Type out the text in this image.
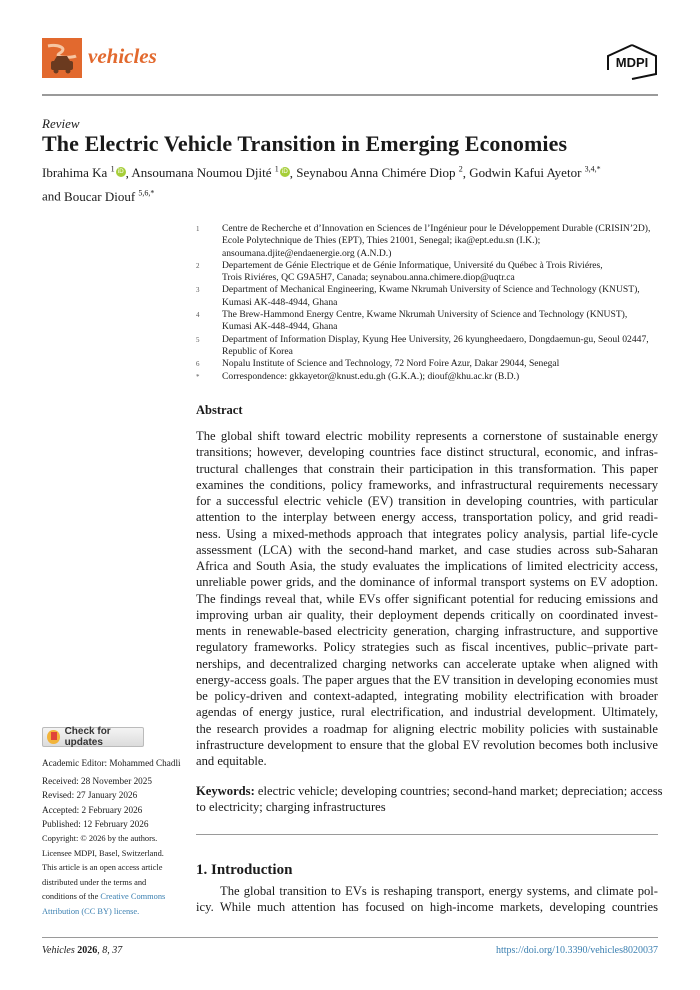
vehicles	MDPI
Review
The Electric Vehicle Transition in Emerging Economies
Ibrahima Ka $^1$ iD , Ansoumana Noumou Djité $^1$ iD , Seynabou Anna Chimére Diop $^2$, Godwin Kafui Ayetor $^{3,4,*}$
and Boucar Diouf $^{5,6,*}$
1	Centre de Recherche et d’Innovation en Sciences de l’Ingénieur pour le Développement Durable (CRISIN’2D),
Ecole Polytechnique de Thies (EPT), Thies 21001, Senegal; ika@ept.edu.sn (I.K.);
ansoumana.djite@endaenergie.org (A.N.D.)
2	Departement de Génie Electrique et de Génie Informatique, Université du Québec à Trois Riviéres,
Trois Riviéres, QC G9A5H7, Canada; seynabou.anna.chimere.diop@uqtr.ca
3	Department of Mechanical Engineering, Kwame Nkrumah University of Science and Technology (KNUST),
Kumasi AK-448-4944, Ghana
4	The Brew-Hammond Energy Centre, Kwame Nkrumah University of Science and Technology (KNUST),
Kumasi AK-448-4944, Ghana
5	Department of Information Display, Kyung Hee University, 26 kyungheedaero, Dongdaemun-gu, Seoul 02447,
Republic of Korea
6	Nopalu Institute of Science and Technology, 72 Nord Foire Azur, Dakar 29044, Senegal
*	Correspondence: gkkayetor@knust.edu.gh (G.K.A.); diouf@khu.ac.kr (B.D.)
Abstract
The global shift toward electric mobility represents a cornerstone of sustainable energy
transitions; however, developing countries face distinct structural, economic, and infras-
tructural challenges that constrain their participation in this transformation. This paper
examines the conditions, policy frameworks, and infrastructural requirements necessary
for a successful electric vehicle (EV) transition in developing countries, with particular
attention to the interplay between energy access, transportation policy, and grid readi-
ness. Using a mixed-methods approach that integrates policy analysis, partial life-cycle
assessment (LCA) with the second-hand market, and case studies across sub-Saharan
Africa and South Asia, the study evaluates the implications of limited electricity access,
unreliable power grids, and the dominance of informal transport systems on EV adoption.
The findings reveal that, while EVs offer significant potential for reducing emissions and
improving urban air quality, their deployment depends critically on coordinated invest-
ments in renewable-based electricity generation, charging infrastructure, and supportive
regulatory frameworks. Policy strategies such as fiscal incentives, public–private part-
nerships, and decentralized charging networks can accelerate uptake when aligned with
energy-access goals. The paper argues that the EV transition in developing economies must
be policy-driven and context-adapted, integrating mobility electrification with broader
agendas of energy justice, rural electrification, and industrial development. Ultimately,
the research provides a roadmap for aligning electric mobility policies with sustainable
infrastructure development to ensure that the global EV revolution becomes both inclusive
and equitable.
Keywords: electric vehicle; developing countries; second-hand market; depreciation; access
to electricity; charging infrastructures
1. Introduction
The global transition to EVs is reshaping transport, energy systems, and climate pol-
icy. While much attention has focused on high-income markets, developing countries
Check for updates
Academic Editor: Mohammed Chadli
Received: 28 November 2025
Revised: 27 January 2026
Accepted: 2 February 2026
Published: 12 February 2026
Copyright: © 2026 by the authors.
Licensee MDPI, Basel, Switzerland.
This article is an open access article
distributed under the terms and
conditions of the Creative Commons
Attribution (CC BY) license.
Vehicles 2026, 8, 37	https://doi.org/10.3390/vehicles8020037
